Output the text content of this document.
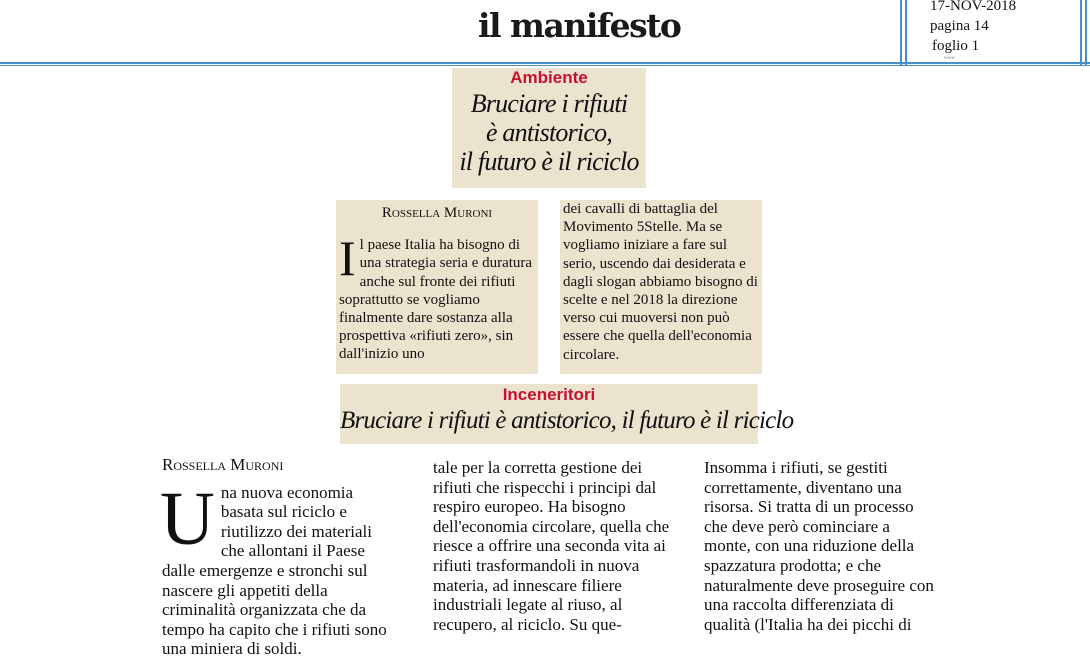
il manifesto	17-NOV-2018
pagina 14
foglio 1
www
Ambiente
Bruciare i rifiuti
è antistorico,
il futuro è il riciclo
Rossella Muroni
Il paese Italia ha bisogno di una strategia seria e duratura anche sul fronte dei rifiuti soprattutto se vogliamo finalmente dare sostanza alla prospettiva «rifiuti zero», sin dall'inizio uno
dei cavalli di battaglia del Movimento 5Stelle. Ma se vogliamo iniziare a fare sul serio, uscendo dai desiderata e dagli slogan abbiamo bisogno di scelte e nel 2018 la direzione verso cui muoversi non può essere che quella dell'economia circolare.
Inceneritori
Bruciare i rifiuti è antistorico, il futuro è il riciclo
Rossella Muroni

Una nuova economia basata sul riciclo e riutilizzo dei materiali che allontani il Paese dalle emergenze e stronchi sul nascere gli appetiti della criminalità organizzata che da tempo ha capito che i rifiuti sono una miniera di soldi.

tale per la corretta gestione dei rifiuti che rispecchi i principi dal respiro europeo. Ha bisogno dell'economia circolare, quella che riesce a offrire una seconda vita ai rifiuti trasformandoli in nuova materia, ad innescare filiere industriali legate al riuso, al recupero, al riciclo. Su que-

Insomma i rifiuti, se gestiti correttamente, diventano una risorsa. Si tratta di un processo che deve però cominciare a monte, con una riduzione della spazzatura prodotta; e che naturalmente deve proseguire con una raccolta differenziata di qualità (l'Italia ha dei picchi di
